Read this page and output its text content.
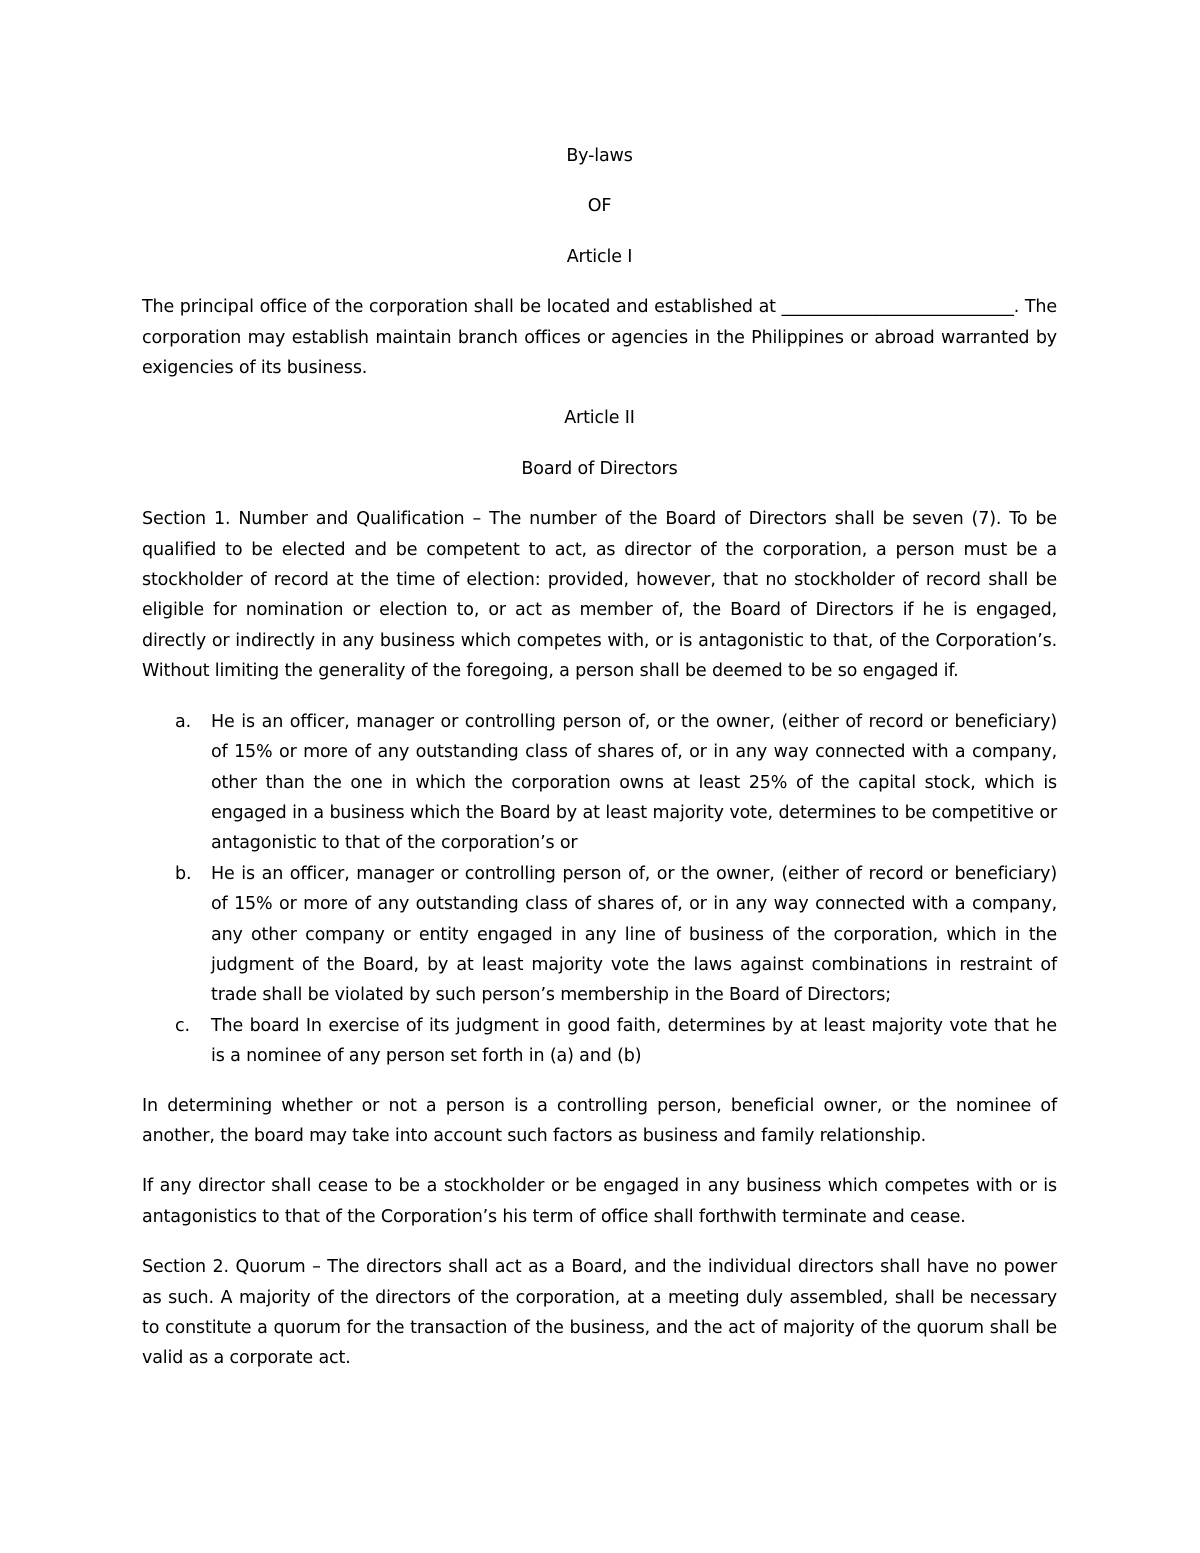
By-laws

OF

Article I

The principal office of the corporation shall be located and established at ___________________________. The corporation may establish maintain branch offices or agencies in the Philippines or abroad warranted by exigencies of its business.

Article II

Board of Directors

Section 1. Number and Qualification – The number of the Board of Directors shall be seven (7). To be qualified to be elected and be competent to act, as director of the corporation, a person must be a stockholder of record at the time of election: provided, however, that no stockholder of record shall be eligible for nomination or election to, or act as member of, the Board of Directors if he is engaged, directly or indirectly in any business which competes with, or is antagonistic to that, of the Corporation’s. Without limiting the generality of the foregoing, a person shall be deemed to be so engaged if.

a. He is an officer, manager or controlling person of, or the owner, (either of record or beneficiary) of 15% or more of any outstanding class of shares of, or in any way connected with a company, other than the one in which the corporation owns at least 25% of the capital stock, which is engaged in a business which the Board by at least majority vote, determines to be competitive or antagonistic to that of the corporation’s or
b. He is an officer, manager or controlling person of, or the owner, (either of record or beneficiary) of 15% or more of any outstanding class of shares of, or in any way connected with a company, any other company or entity engaged in any line of business of the corporation, which in the judgment of the Board, by at least majority vote the laws against combinations in restraint of trade shall be violated by such person’s membership in the Board of Directors;
c. The board In exercise of its judgment in good faith, determines by at least majority vote that he is a nominee of any person set forth in (a) and (b)

In determining whether or not a person is a controlling person, beneficial owner, or the nominee of another, the board may take into account such factors as business and family relationship.

If any director shall cease to be a stockholder or be engaged in any business which competes with or is antagonistics to that of the Corporation’s his term of office shall forthwith terminate and cease.

Section 2. Quorum – The directors shall act as a Board, and the individual directors shall have no power as such. A majority of the directors of the corporation, at a meeting duly assembled, shall be necessary to constitute a quorum for the transaction of the business, and the act of majority of the quorum shall be valid as a corporate act.
